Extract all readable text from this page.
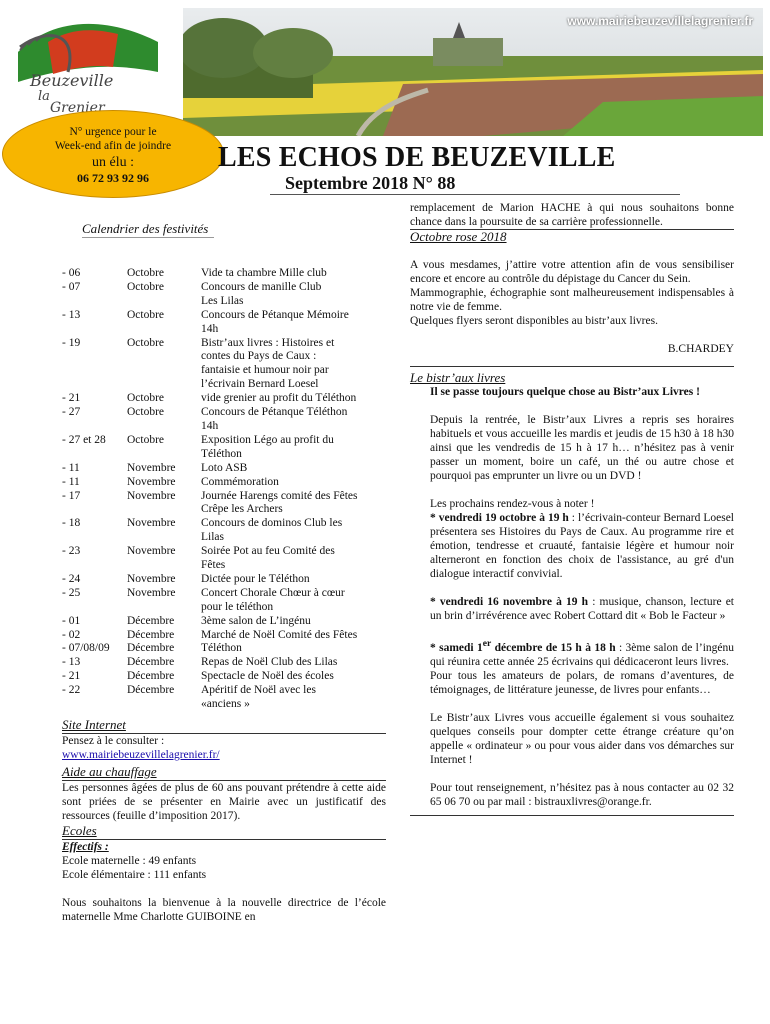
Beuzeville
la
Grenier
www.mairiebeuzevillelagrenier.fr
N° urgence pour le
Week-end afin de joindre
un élu :
06 72 93 92 96
LES ECHOS DE BEUZEVILLE
Septembre 2018 N° 88
Calendrier des festivités
- 06	Octobre	Vide ta chambre Mille club
- 07	Octobre	Concours de manille Club
Les Lilas
- 13	Octobre	Concours de Pétanque Mémoire
14h
- 19	Octobre	Bistr’aux livres : Histoires et
contes du Pays de Caux :
fantaisie et humour noir par
l’écrivain Bernard Loesel
- 21	Octobre	vide grenier au profit du Téléthon
- 27	Octobre	Concours de Pétanque Téléthon
14h
- 27 et 28	Octobre	Exposition Légo au profit du
Téléthon
- 11	Novembre	Loto ASB
- 11	Novembre	Commémoration
- 17	Novembre	Journée Harengs comité des Fêtes
Crêpe les Archers
- 18	Novembre	Concours de dominos Club les
Lilas
- 23	Novembre	Soirée Pot au feu Comité des
Fêtes
- 24	Novembre	Dictée pour le Téléthon
- 25	Novembre	Concert Chorale Chœur à cœur
pour le téléthon
- 01	Décembre	3ème salon de L’ingénu
- 02	Décembre	Marché de Noël Comité des Fêtes
- 07/08/09	Décembre	Téléthon
- 13	Décembre	Repas de Noël Club des Lilas
- 21	Décembre	Spectacle de Noël des écoles
- 22	Décembre	Apéritif de Noël avec les
«anciens »
Site Internet
Pensez à le consulter :
www.mairiebeuzevillelagrenier.fr/
Aide au chauffage
Les personnes âgées de plus de 60 ans pouvant prétendre à cette aide sont priées de se présenter en Mairie avec un justificatif des ressources (feuille d’imposition 2017).
Ecoles
Effectifs :
Ecole maternelle : 49 enfants
Ecole élémentaire : 111 enfants
Nous souhaitons la bienvenue à la nouvelle directrice de l’école maternelle Mme Charlotte GUIBOINE en

remplacement de Marion HACHE à qui nous souhaitons bonne chance dans la poursuite de sa carrière professionnelle.

Octobre rose 2018

A vous mesdames, j’attire votre attention afin de vous sensibiliser encore et encore au contrôle du dépistage du Cancer du Sein.

Mammographie, échographie sont malheureusement indispensables à notre vie de femme.

Quelques flyers seront disponibles au bistr’aux livres.

B.CHARDEY

Le bistr’aux livres

Il se passe toujours quelque chose au Bistr’aux Livres !

Depuis la rentrée, le Bistr’aux Livres a repris ses horaires habituels et vous accueille les mardis et jeudis de 15 h30 à 18 h30 ainsi que les vendredis de 15 h à 17 h… n’hésitez pas à venir passer un moment, boire un café, un thé ou autre chose et pourquoi pas emprunter un livre ou un DVD !

Les prochains rendez-vous à noter !

* vendredi 19 octobre à 19 h : l’écrivain-conteur Bernard Loesel présentera ses Histoires du Pays de Caux. Au programme rire et émotion, tendresse et cruauté, fantaisie légère et humour noir alterneront en fonction des choix de l'assistance, au gré d'un dialogue interactif convivial.

* vendredi 16 novembre à 19 h : musique, chanson, lecture et un brin d’irrévérence avec Robert Cottard dit « Bob le Facteur »

* samedi 1er décembre de 15 h à 18 h : 3ème salon de l’ingénu qui réunira cette année 25 écrivains qui dédicaceront leurs livres.

Pour tous les amateurs de polars, de romans d’aventures, de témoignages, de littérature jeunesse, de livres pour enfants…

Le Bistr’aux Livres vous accueille également si vous souhaitez quelques conseils pour dompter cette étrange créature qu’on appelle « ordinateur » ou pour vous aider dans vos démarches sur Internet !

Pour tout renseignement, n’hésitez pas à nous contacter au 02 32 65 06 70 ou par mail : bistrauxlivres@orange.fr.
